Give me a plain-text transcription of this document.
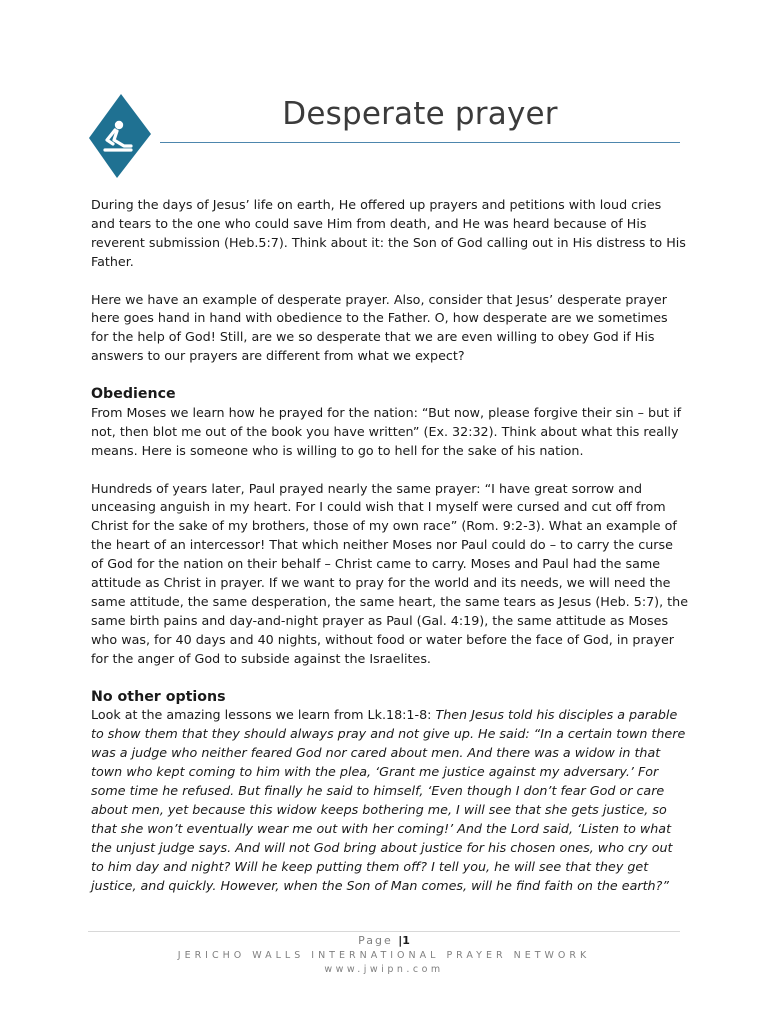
Desperate prayer

During the days of Jesus’ life on earth, He offered up prayers and petitions with loud cries and tears to the one who could save Him from death, and He was heard because of His reverent submission (Heb.5:7). Think about it: the Son of God calling out in His distress to His Father.

Here we have an example of desperate prayer. Also, consider that Jesus’ desperate prayer here goes hand in hand with obedience to the Father. O, how desperate are we sometimes for the help of God! Still, are we so desperate that we are even willing to obey God if His answers to our prayers are different from what we expect?

Obedience

From Moses we learn how he prayed for the nation: “But now, please forgive their sin – but if not, then blot me out of the book you have written” (Ex. 32:32). Think about what this really means. Here is someone who is willing to go to hell for the sake of his nation.

Hundreds of years later, Paul prayed nearly the same prayer: “I have great sorrow and unceasing anguish in my heart. For I could wish that I myself were cursed and cut off from Christ for the sake of my brothers, those of my own race” (Rom. 9:2-3). What an example of the heart of an intercessor! That which neither Moses nor Paul could do – to carry the curse of God for the nation on their behalf – Christ came to carry. Moses and Paul had the same attitude as Christ in prayer. If we want to pray for the world and its needs, we will need the same attitude, the same desperation, the same heart, the same tears as Jesus (Heb. 5:7), the same birth pains and day-and-night prayer as Paul (Gal. 4:19), the same attitude as Moses who was, for 40 days and 40 nights, without food or water before the face of God, in prayer for the anger of God to subside against the Israelites.

No other options

Look at the amazing lessons we learn from Lk.18:1-8: Then Jesus told his disciples a parable to show them that they should always pray and not give up. He said: “In a certain town there was a judge who neither feared God nor cared about men. And there was a widow in that town who kept coming to him with the plea, ‘Grant me justice against my adversary.’ For some time he refused. But finally he said to himself, ‘Even though I don’t fear God or care about men, yet because this widow keeps bothering me, I will see that she gets justice, so that she won’t eventually wear me out with her coming!’ And the Lord said, ‘Listen to what the unjust judge says. And will not God bring about justice for his chosen ones, who cry out to him day and night? Will he keep putting them off? I tell you, he will see that they get justice, and quickly. However, when the Son of Man comes, will he find faith on the earth?”

Page |1
JERICHO WALLS INTERNATIONAL PRAYER NETWORK
www.jwipn.com
